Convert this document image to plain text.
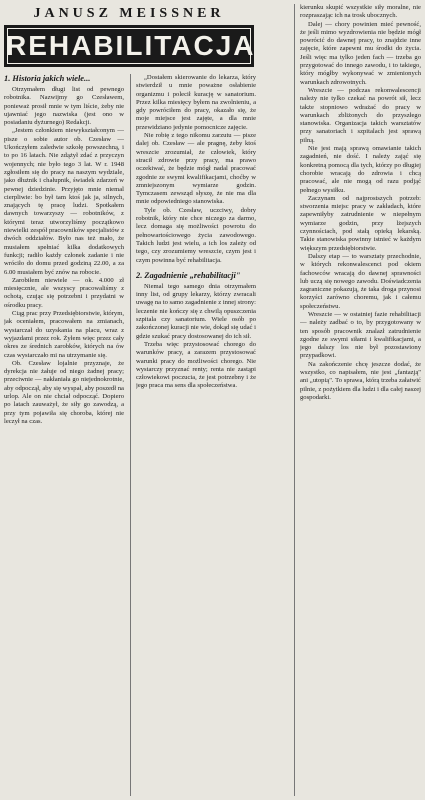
JANUSZ MEISSNER

REHABILITACJA
1. Historia jakich wiele...

Otrzymałem długi list od pewnego robotnika. Nazwijmy go Czesławem, ponieważ prosił mnie w tym liście, żeby nie ujawniać jego nazwiska (jest ono w posiadaniu dyżurnego) Redakcji.

„Jestem członkiem niewykształconym — pisze o sobie autor ob. Czesław — Ukończyłem zaledwie szkołę powszechną, i to po 16 latach. Nie zdążył zdać z przyczyn wojennych; nie było tego 3 lat. W r. 1948 zgłosiłem się do pracy na naszym wydziale, jako dłużnik i chałupnik, świadek zdarzeń w pewnej dziedzinie. Przyjęto mnie niemal cierpliwie: bo był tam ktoś jak ja, silnych, znających tę pracę ludzi. Spotkałem dawnych towarzyszy — robotników, z którymi teraz utworzyliśmy początkowo niewielki zespół pracowników specjalistów z dwóch oddziałów. Było nas też mało, że musiałem spełniać kilka dodatkowych funkcji; radiło każdy członek zadanie i nie wróciło do domu przed godziną 22.00, a za 6.00 musiałem być znów na robocie.

Zarobiłem niewiele — ok. 4.000 zł miesięcznie, ale wszyscy pracowaliśmy z ochotą, czując się potrzebni i przydatni w ośrodku pracy.

Ciąg prac przy Przedsiębiorstwie, którym, jak oceniałem, pracowałem na zmianach, wystarczał do uzyskania na placu, wraz z wyjazdami przez rok. Żyłem więc przez cały okres ze średnich zarobków, których na ów czas wystarczało mi na utrzymanie się.

Ob. Czesław lojalnie przyznaje, że dyrekcja nie żałuje od niego żadnej pracy; przeciwnie — nakłaniała go niejednokrotnie, aby odpoczął, aby się wyspał, aby poszedł na urlop. Ale on nie chciał odpocząć. Dopiero po latach zauważył, że siły go zawodzą, a przy tym pojawiła się choroba, której nie leczył na czas.

„Dostałem skierowanie do lekarza, który stwierdził u mnie poważne osłabienie organizmu i polecił kurację w sanatorium. Przez kilka miesięcy byłem na zwolnieniu, a gdy powróciłem do pracy, okazało się, że moje miejsce jest zajęte, a dla mnie przewidziano jedynie pomocnicze zajęcie.

Nie robię z tego nikomu zarzutu — pisze dalej ob. Czesław — ale pragnę, żeby ktoś wreszcie zrozumiał, że człowiek, który stracił zdrowie przy pracy, ma prawo oczekiwać, że będzie mógł nadal pracować zgodnie ze swymi kwalifikacjami, choćby w zmniejszonym wymiarze godzin. Tymczasem zewsząd słyszę, że nie ma dla mnie odpowiedniego stanowiska.

Tyle ob. Czesław, uczciwy, dobry robotnik, który nie chce niczego za darmo, lecz domaga się możliwości powrotu do pełnowartościowego życia zawodowego. Takich ludzi jest wielu, a ich los zależy od tego, czy zrozumiemy wreszcie, czym jest i czym powinna być rehabilitacja.

2. Zagadnienie „rehabilitacji"

Niemal tego samego dnia otrzymałem inny list, od grupy lekarzy, którzy zwracali uwagę na to samo zagadnienie z innej strony: leczenie nie kończy się z chwilą opuszczenia szpitala czy sanatorium. Wiele osób po zakończonej kuracji nie wie, dokąd się udać i gdzie szukać pracy dostosowanej do ich sił.

Trzeba więc przystosować chorego do warunków pracy, a zarazem przystosować warunki pracy do możliwości chorego. Nie wystarczy przyznać renty; renta nie zastąpi człowiekowi poczucia, że jest potrzebny i że jego praca ma sens dla społeczeństwa.

kierunku skupić wszystkie siły moralne, nie rozpraszając ich na trosk ubocznych.

Dalej — chory powinien mieć pewność, że jeśli mimo wyzdrowienia nie będzie mógł powrócić do dawnej pracy, to znajdzie inne zajęcie, które zapewni mu środki do życia. Jeśli więc ma tylko jeden fach — trzeba go przygotować do innego zawodu, i to takiego, który mógłby wykonywać w zmienionych warunkach zdrowotnych.

Wreszcie — podczas rekonwalescencji należy nie tylko czekać na powrót sił, lecz także stopniowo wdrażać do pracy w warunkach zbliżonych do przyszłego stanowiska. Organizacja takich warsztatów przy sanatoriach i szpitalach jest sprawą pilną.

Nie jest mają sprawą omawianie takich zagadnień, nie dość. I należy zająć się konkretną pomocą dla tych, którzy po długiej chorobie wracają do zdrowia i chcą pracować, ale nie mogą od razu podjąć pełnego wysiłku.

Zaczynam od najprostszych potrzeb: stworzenia miejsc pracy w zakładach, które zapewniłyby zatrudnienie w niepełnym wymiarze godzin, przy lżejszych czynnościach, pod stałą opieką lekarską. Takie stanowiska powinny istnieć w każdym większym przedsiębiorstwie.

Dalszy etap — to warsztaty przechodnie, w których rekonwalescenci pod okiem fachowców wracają do dawnej sprawności lub uczą się nowego zawodu. Doświadczenia zagraniczne pokazują, że taka droga przynosi korzyści zarówno choremu, jak i całemu społeczeństwu.

Wreszcie — w ostatniej fazie rehabilitacji — należy zadbać o to, by przygotowany w ten sposób pracownik znalazł zatrudnienie zgodne ze swymi siłami i kwalifikacjami, a jego dalszy los nie był pozostawiony przypadkowi.

Na zakończenie chcę jeszcze dodać, że wszystko, co napisałem, nie jest „fantazją" ani „utopią". To sprawa, którą trzeba załatwić pilnie, z pożytkiem dla ludzi i dla całej naszej gospodarki.
